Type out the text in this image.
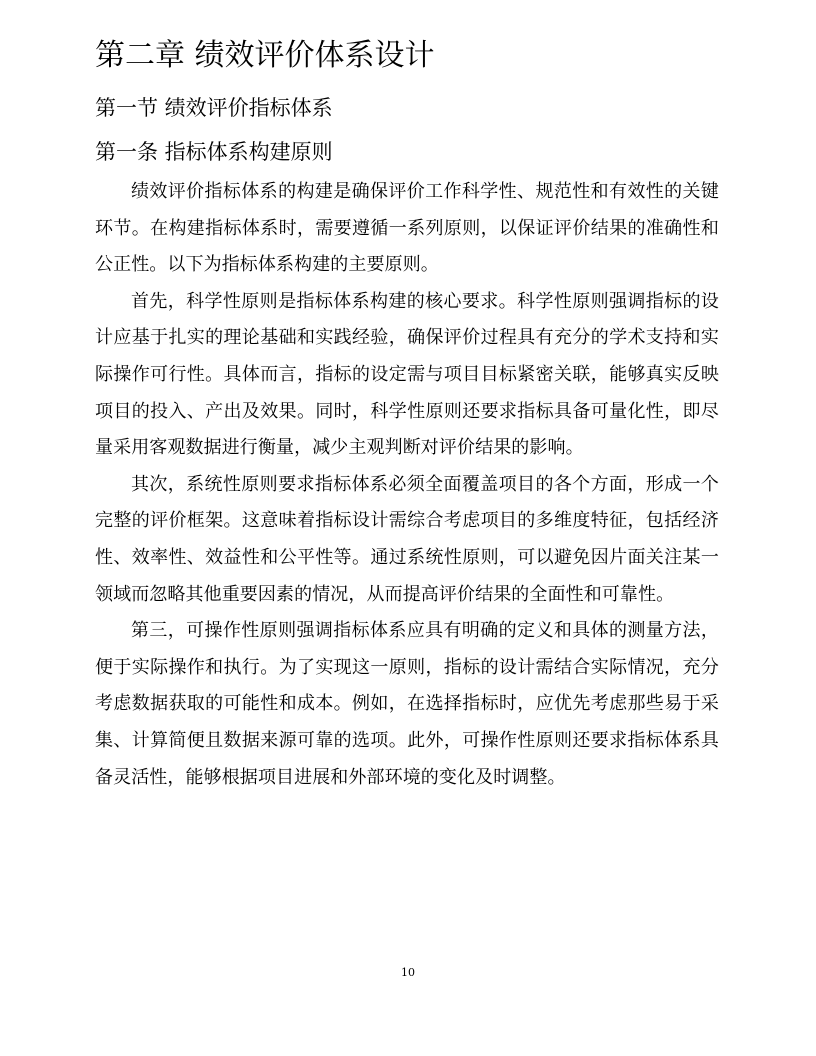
第二章 绩效评价体系设计
第一节 绩效评价指标体系
第一条 指标体系构建原则

绩效评价指标体系的构建是确保评价工作科学性、规范性和有效性的关键环节。在构建指标体系时，需要遵循一系列原则，以保证评价结果的准确性和公正性。以下为指标体系构建的主要原则。

首先，科学性原则是指标体系构建的核心要求。科学性原则强调指标的设计应基于扎实的理论基础和实践经验，确保评价过程具有充分的学术支持和实际操作可行性。具体而言，指标的设定需与项目目标紧密关联，能够真实反映项目的投入、产出及效果。同时，科学性原则还要求指标具备可量化性，即尽量采用客观数据进行衡量，减少主观判断对评价结果的影响。

其次，系统性原则要求指标体系必须全面覆盖项目的各个方面，形成一个完整的评价框架。这意味着指标设计需综合考虑项目的多维度特征，包括经济性、效率性、效益性和公平性等。通过系统性原则，可以避免因片面关注某一领域而忽略其他重要因素的情况，从而提高评价结果的全面性和可靠性。

第三，可操作性原则强调指标体系应具有明确的定义和具体的测量方法，便于实际操作和执行。为了实现这一原则，指标的设计需结合实际情况，充分考虑数据获取的可能性和成本。例如，在选择指标时，应优先考虑那些易于采集、计算简便且数据来源可靠的选项。此外，可操作性原则还要求指标体系具备灵活性，能够根据项目进展和外部环境的变化及时调整。

10
